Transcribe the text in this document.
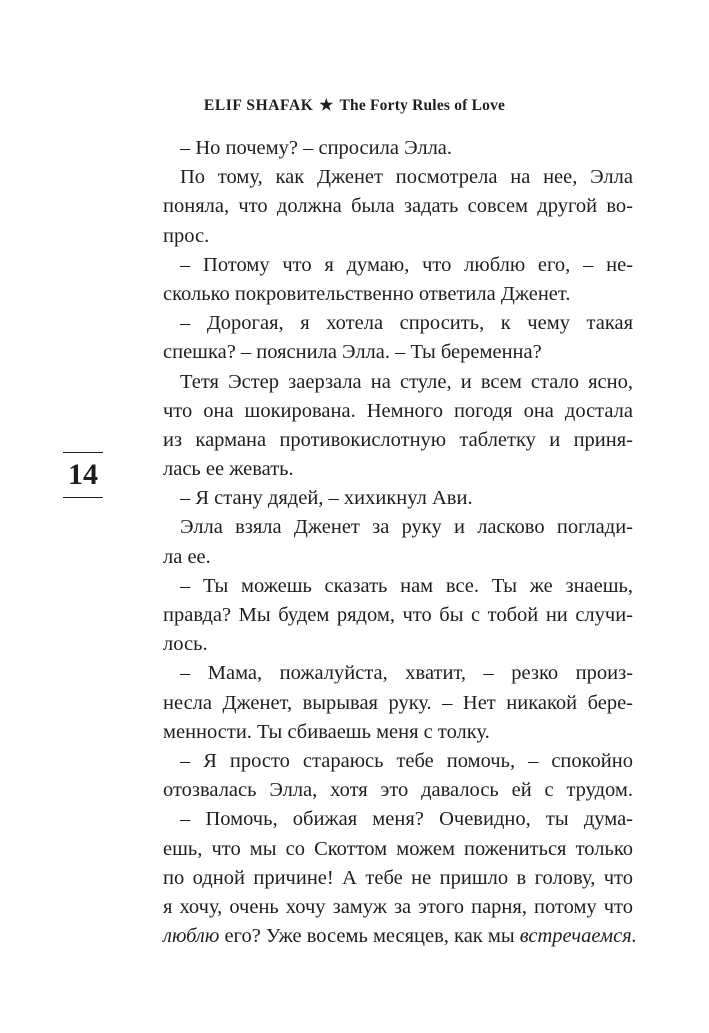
ELIF SHAFAK ★ The Forty Rules of Love
14
– Но почему? – спросила Элла.
По тому, как Дженет посмотрела на нее, Элла
поняла, что должна была задать совсем другой во-
прос.
– Потому что я думаю, что люблю его, – не-
сколько покровительственно ответила Дженет.
– Дорогая, я хотела спросить, к чему такая
спешка? – пояснила Элла. – Ты беременна?
Тетя Эстер заерзала на стуле, и всем стало ясно,
что она шокирована. Немного погодя она достала
из кармана противокислотную таблетку и приня-
лась ее жевать.
– Я стану дядей, – хихикнул Ави.
Элла взяла Дженет за руку и ласково поглади-
ла ее.
– Ты можешь сказать нам все. Ты же знаешь,
правда? Мы будем рядом, что бы с тобой ни случи-
лось.
– Мама, пожалуйста, хватит, – резко произ-
несла Дженет, вырывая руку. – Нет никакой бере-
менности. Ты сбиваешь меня с толку.
– Я просто стараюсь тебе помочь, – спокойно
отозвалась Элла, хотя это давалось ей с трудом.
– Помочь, обижая меня? Очевидно, ты дума-
ешь, что мы со Скоттом можем пожениться только
по одной причине! А тебе не пришло в голову, что
я хочу, очень хочу замуж за этого парня, потому что
люблю его? Уже восемь месяцев, как мы встречаемся.
